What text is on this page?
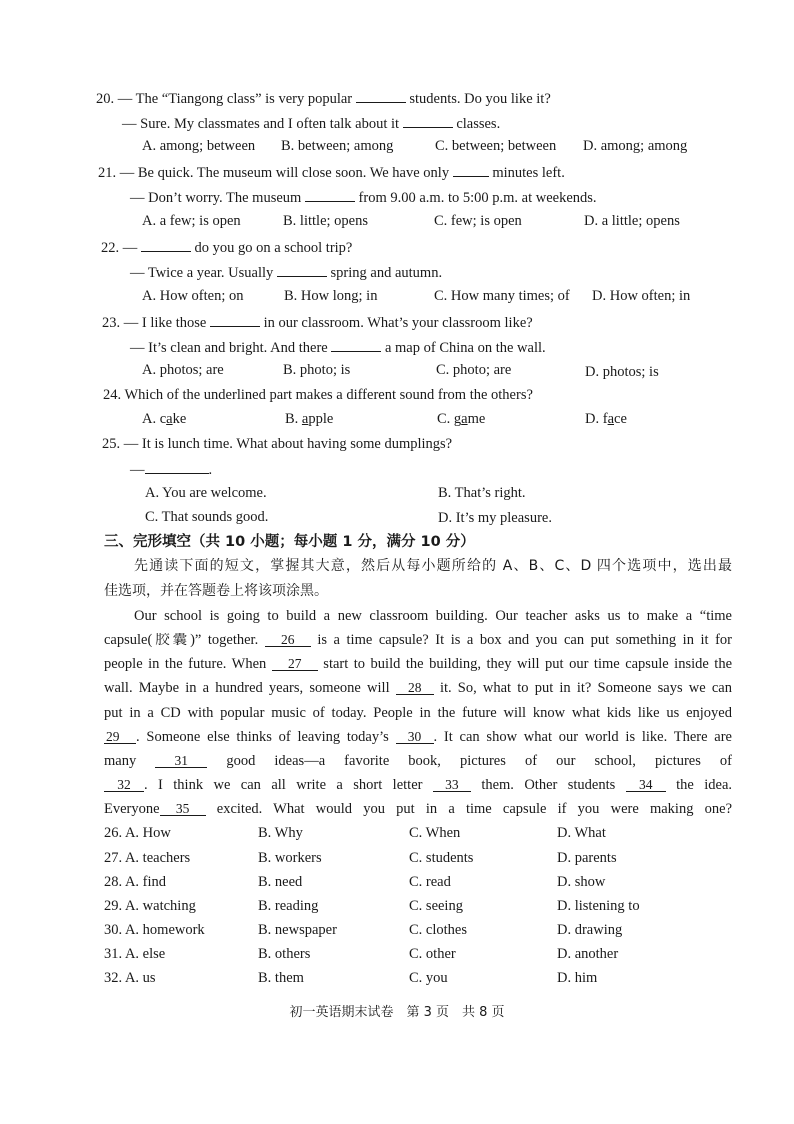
20. — The “Tiangong class” is very popular	students. Do you like it?
— Sure. My classmates and I often talk about it	classes.
A. among; between B. between; among	C. between; between D. among; among
21. — Be quick. The museum will close soon. We have only	minutes left.
— Don’t worry. The museum	from 9.00 a.m. to 5:00 p.m. at weekends.
A. a few; is open	B. little; opens	C. few; is open	D. a little; opens
22. —	do you go on a school trip?
— Twice a year. Usually	spring and autumn.
A. How often; on	B. How long; in	C. How many times; of D. How often; in
23. — I like those	in our classroom. What’s your classroom like?
— It’s clean and bright. And there	a map of China on the wall.
A. photos; are	B. photo; is	C. photo; are	D. photos; is
24. Which of the underlined part makes a different sound from the others?
A. cake	B. apple	C. game	D. face
25. — It is lunch time. What about having some dumplings?
—	.
A. You are welcome.	B. That’s right.
C. That sounds good.	D. It’s my pleasure.
三、完形填空（共 10 小题；每小题 1 分，满分 10 分）
先通读下面的短文，掌握其大意，然后从每小题所给的 A、B、C、D 四个选项中，选出最
佳选项，并在答题卷上将该项涂黑。
Our school is going to build a new classroom building. Our teacher asks us to make a “time
capsule(胶囊)” together. 26 is a time capsule? It is a box and you can put something in it for
people in the future. When 27 start to build the building, they will put our time capsule inside the
wall. Maybe in a hundred years, someone will 28 it. So, what to put in it? Someone says we can
put in a CD with popular music of today. People in the future will know what kids like us enjoyed
29 . Someone else thinks of leaving today’s 30 . It can show what our world is like. There are
many	31	good ideas—a favorite book, pictures of our school, pictures of
32 . I think we can all write a short letter 33 them. Other students 34 the idea.
Everyone 35 excited. What would you put in a time capsule if you were making one?
26. A. How	B. Why	C. When	D. What
27. A. teachers	B. workers	C. students	D. parents
28. A. find	B. need	C. read	D. show
29. A. watching	B. reading	C. seeing	D. listening to
30. A. homework	B. newspaper	C. clothes	D. drawing
31. A. else	B. others	C. other	D. another
32. A. us	B. them	C. you	D. him
初一英语期末试卷　第 3 页　共 8 页
